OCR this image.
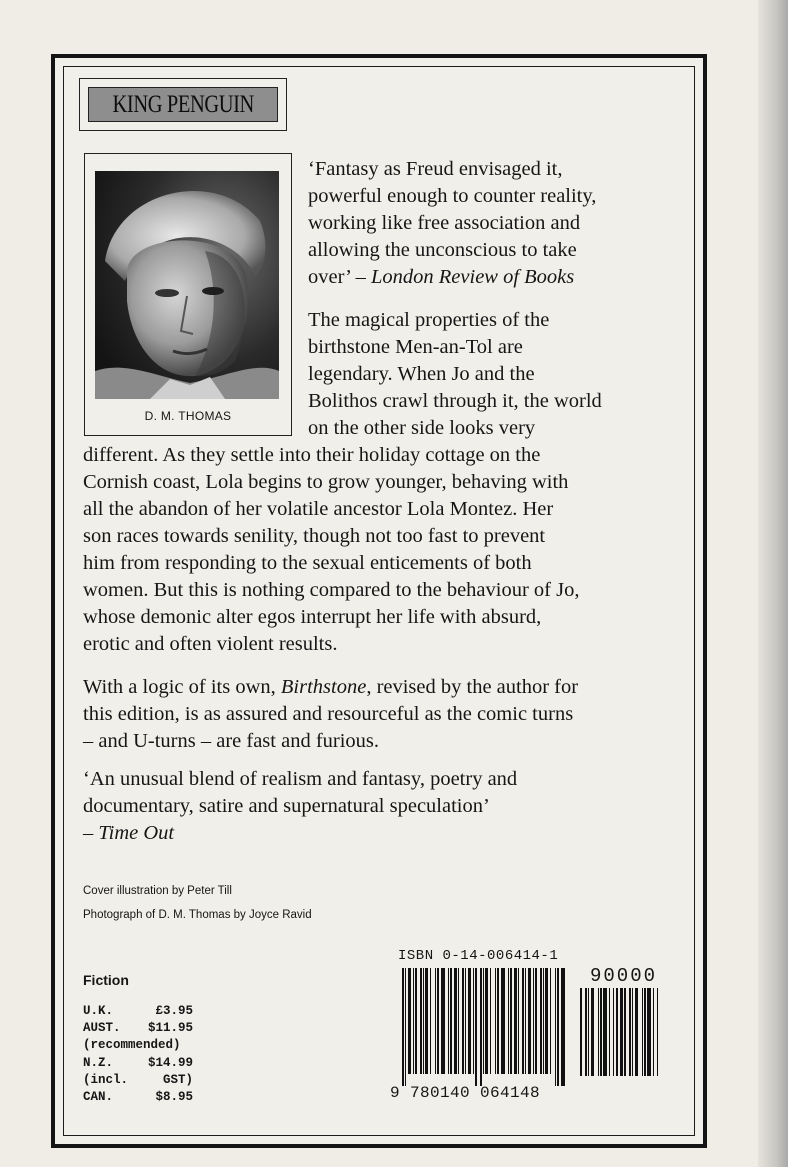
KING PENGUIN
D. M. THOMAS

‘Fantasy as Freud envisaged it,
powerful enough to counter reality,
working like free association and
allowing the unconscious to take
over’ – London Review of Books

The magical properties of the
birthstone Men-an-Tol are
legendary. When Jo and the
Bolithos crawl through it, the world
on the other side looks very

different. As they settle into their holiday cottage on the
Cornish coast, Lola begins to grow younger, behaving with
all the abandon of her volatile ancestor Lola Montez. Her
son races towards senility, though not too fast to prevent
him from responding to the sexual enticements of both
women. But this is nothing compared to the behaviour of Jo,
whose demonic alter egos interrupt her life with absurd,
erotic and often violent results.

With a logic of its own, Birthstone, revised by the author for
this edition, is as assured and resourceful as the comic turns
– and U-turns – are fast and furious.

‘An unusual blend of realism and fantasy, poetry and
documentary, satire and supernatural speculation’
– Time Out

Cover illustration by Peter Till
Photograph of D. M. Thomas by Joyce Ravid
Fiction
U.K.	£3.95
AUST. $11.95
(recommended)
N.Z.	$14.99
(incl.	GST)
CAN.	$8.95
ISBN 0-14-006414-1
90000
9 780140 064148
